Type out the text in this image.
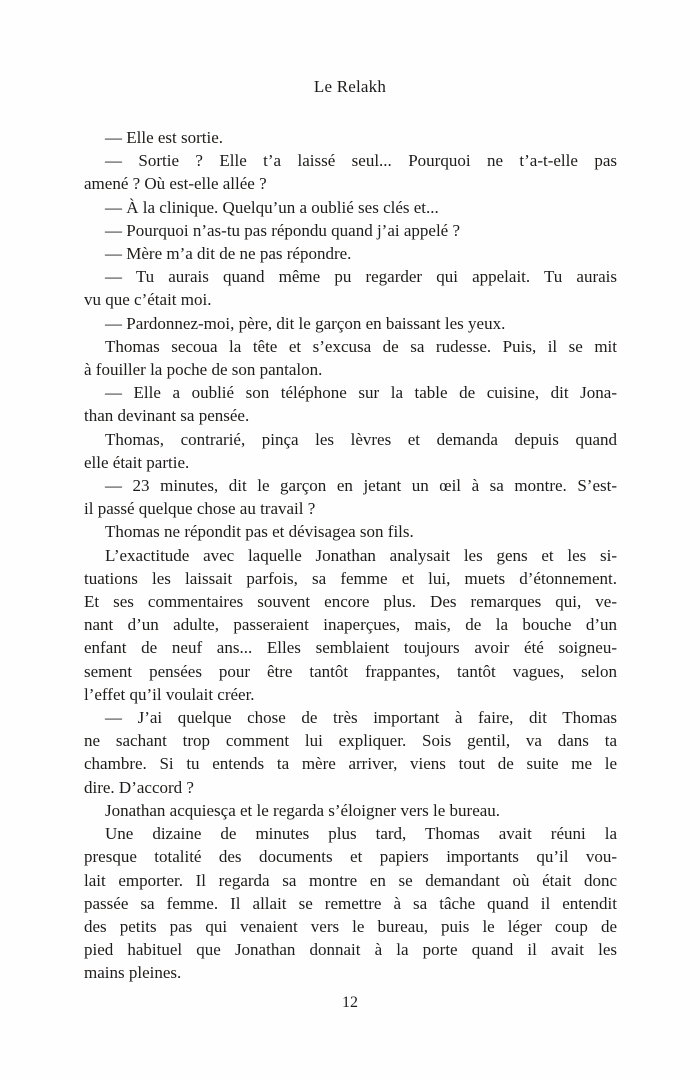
Le Relakh
— Elle est sortie.
— Sortie ? Elle t’a laissé seul... Pourquoi ne t’a-t-elle pas
amené ? Où est-elle allée ?
— À la clinique. Quelqu’un a oublié ses clés et...
— Pourquoi n’as-tu pas répondu quand j’ai appelé ?
— Mère m’a dit de ne pas répondre.
— Tu aurais quand même pu regarder qui appelait. Tu aurais
vu que c’était moi.
— Pardonnez-moi, père, dit le garçon en baissant les yeux.
Thomas secoua la tête et s’excusa de sa rudesse. Puis, il se mit
à fouiller la poche de son pantalon.
— Elle a oublié son téléphone sur la table de cuisine, dit Jona-
than devinant sa pensée.
Thomas, contrarié, pinça les lèvres et demanda depuis quand
elle était partie.
— 23 minutes, dit le garçon en jetant un œil à sa montre. S’est-
il passé quelque chose au travail ?
Thomas ne répondit pas et dévisagea son fils.
L’exactitude avec laquelle Jonathan analysait les gens et les si-
tuations les laissait parfois, sa femme et lui, muets d’étonnement.
Et ses commentaires souvent encore plus. Des remarques qui, ve-
nant d’un adulte, passeraient inaperçues, mais, de la bouche d’un
enfant de neuf ans... Elles semblaient toujours avoir été soigneu-
sement pensées pour être tantôt frappantes, tantôt vagues, selon
l’effet qu’il voulait créer.
— J’ai quelque chose de très important à faire, dit Thomas
ne sachant trop comment lui expliquer. Sois gentil, va dans ta
chambre. Si tu entends ta mère arriver, viens tout de suite me le
dire. D’accord ?
Jonathan acquiesça et le regarda s’éloigner vers le bureau.
Une dizaine de minutes plus tard, Thomas avait réuni la
presque totalité des documents et papiers importants qu’il vou-
lait emporter. Il regarda sa montre en se demandant où était donc
passée sa femme. Il allait se remettre à sa tâche quand il entendit
des petits pas qui venaient vers le bureau, puis le léger coup de
pied habituel que Jonathan donnait à la porte quand il avait les
mains pleines.
12
